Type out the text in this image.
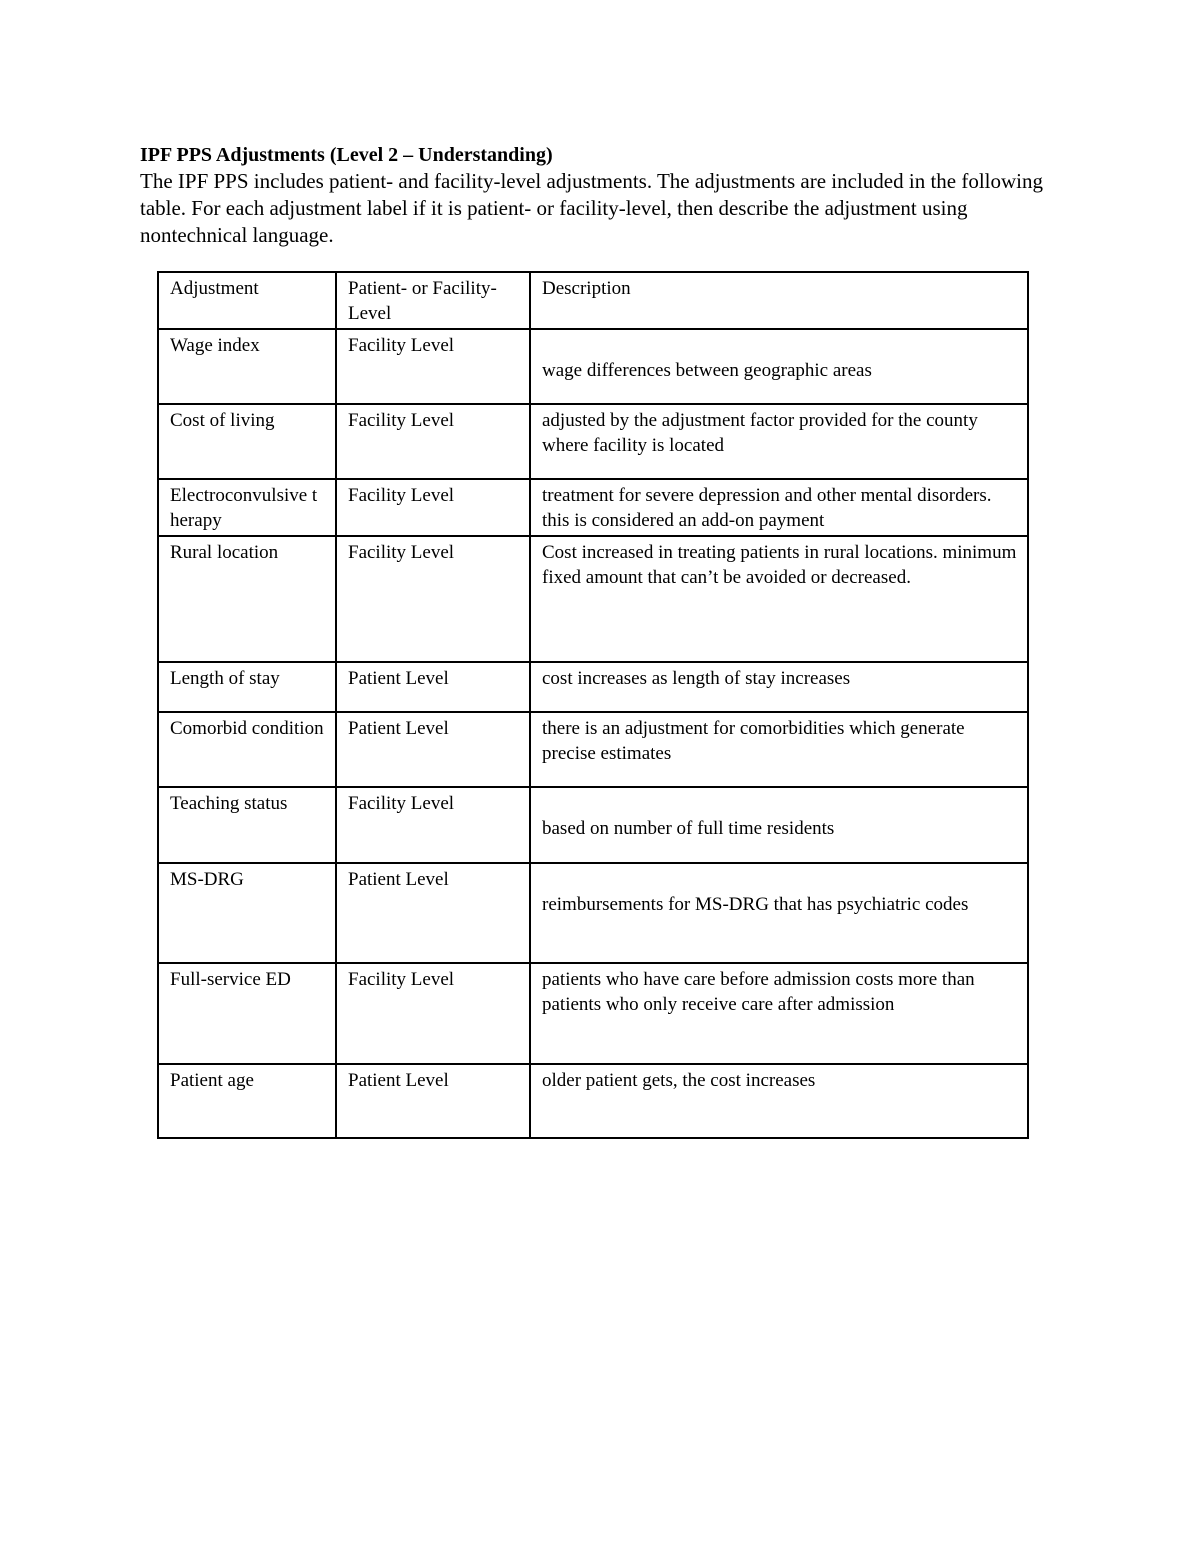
IPF PPS Adjustments (Level 2 – Understanding)

The IPF PPS includes patient- and facility-level adjustments. The adjustments are included in the following table. For each adjustment label if it is patient- or facility-level, then describe the adjustment using nontechnical language.

Adjustment	Patient- or Facility-Level	Description
Wage index	Facility Level	wage differences between geographic areas
Cost of living	Facility Level	adjusted by the adjustment factor provided for the county where facility is located
Electroconvulsive therapy	Facility Level	treatment for severe depression and other mental disorders. this is considered an add-on payment
Rural location	Facility Level	Cost increased in treating patients in rural locations. minimum fixed amount that can’t be avoided or decreased.
Length of stay	Patient Level	cost increases as length of stay increases
Comorbid condition	Patient Level	there is an adjustment for comorbidities which generate precise estimates
Teaching status	Facility Level	based on number of full time residents
MS-DRG	Patient Level	reimbursements for MS-DRG that has psychiatric codes
Full-service ED	Facility Level	patients who have care before admission costs more than patients who only receive care after admission
Patient age	Patient Level	older patient gets, the cost increases
